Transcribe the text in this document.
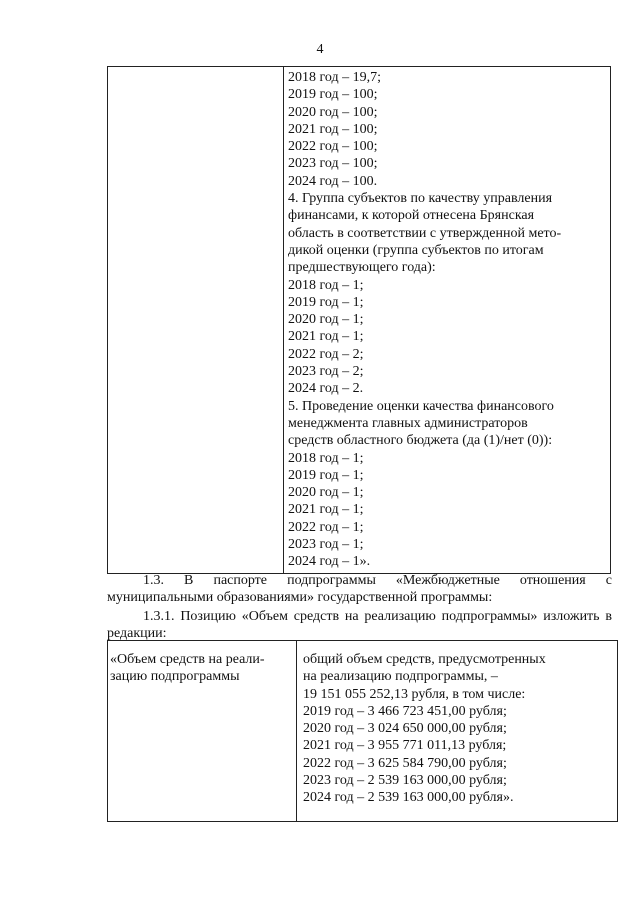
4

2018 год – 19,7;
2019 год – 100;
2020 год – 100;
2021 год – 100;
2022 год – 100;
2023 год – 100;
2024 год – 100.
4. Группа субъектов по качеству управления
финансами, к которой отнесена Брянская
область в соответствии с утвержденной мето-
дикой оценки (группа субъектов по итогам
предшествующего года):
2018 год – 1;
2019 год – 1;
2020 год – 1;
2021 год – 1;
2022 год – 2;
2023 год – 2;
2024 год – 2.
5. Проведение оценки качества финансового
менеджмента главных администраторов
средств областного бюджета (да (1)/нет (0)):
2018 год – 1;
2019 год – 1;
2020 год – 1;
2021 год – 1;
2022 год – 1;
2023 год – 1;
2024 год – 1».
1.3. В паспорте подпрограммы «Межбюджетные отношения с муниципальными образованиями» государственной программы:
1.3.1. Позицию «Объем средств на реализацию подпрограммы» изложить в редакции:
«Объем средств на реали-
зацию подпрограммы

общий объем средств, предусмотренных
на реализацию подпрограммы, –
19 151 055 252,13 рубля, в том числе:
2019 год – 3 466 723 451,00 рубля;
2020 год – 3 024 650 000,00 рубля;
2021 год – 3 955 771 011,13 рубля;
2022 год – 3 625 584 790,00 рубля;
2023 год – 2 539 163 000,00 рубля;
2024 год – 2 539 163 000,00 рубля».
